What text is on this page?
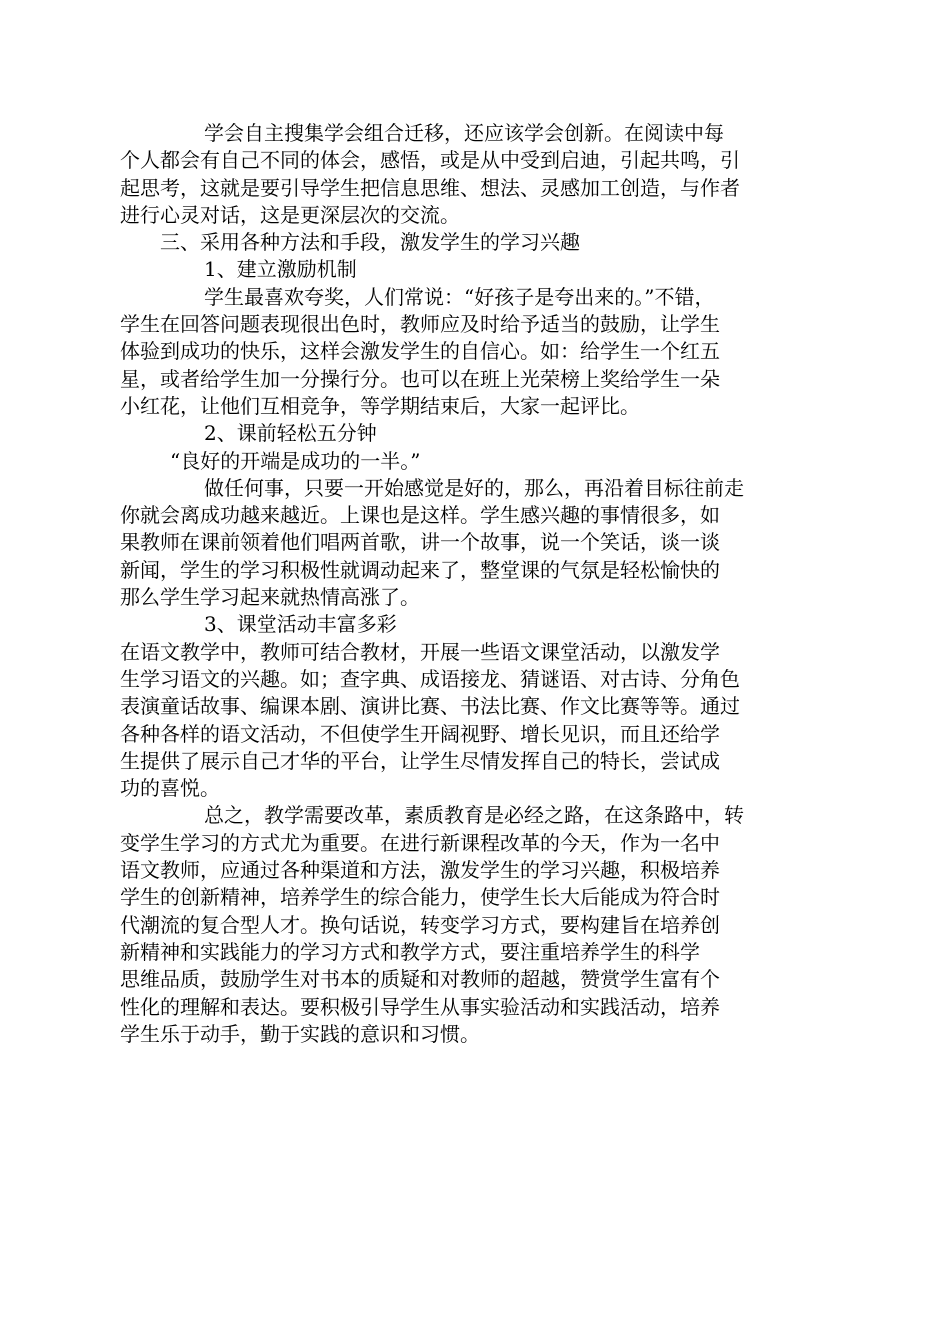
学会自主搜集学会组合迁移，还应该学会创新。在阅读中每
个人都会有自己不同的体会，感悟，或是从中受到启迪，引起共鸣，引
起思考，这就是要引导学生把信息思维、想法、灵感加工创造，与作者
进行心灵对话，这是更深层次的交流。
三、采用各种方法和手段，激发学生的学习兴趣
1、建立激励机制
学生最喜欢夸奖，人们常说：“好孩子是夸出来的。”不错，
学生在回答问题表现很出色时，教师应及时给予适当的鼓励，让学生
体验到成功的快乐，这样会激发学生的自信心。如：给学生一个红五
星，或者给学生加一分操行分。也可以在班上光荣榜上奖给学生一朵
小红花，让他们互相竞争，等学期结束后，大家一起评比。
2、课前轻松五分钟
“良好的开端是成功的一半。”
做任何事，只要一开始感觉是好的，那么，再沿着目标往前走
你就会离成功越来越近。上课也是这样。学生感兴趣的事情很多，如
果教师在课前领着他们唱两首歌，讲一个故事，说一个笑话，谈一谈
新闻，学生的学习积极性就调动起来了，整堂课的气氛是轻松愉快的
那么学生学习起来就热情高涨了。
3、课堂活动丰富多彩
在语文教学中，教师可结合教材，开展一些语文课堂活动，以激发学
生学习语文的兴趣。如；查字典、成语接龙、猜谜语、对古诗、分角色
表演童话故事、编课本剧、演讲比赛、书法比赛、作文比赛等等。通过
各种各样的语文活动，不但使学生开阔视野、增长见识，而且还给学
生提供了展示自己才华的平台，让学生尽情发挥自己的特长，尝试成
功的喜悦。
总之，教学需要改革，素质教育是必经之路，在这条路中，转
变学生学习的方式尤为重要。在进行新课程改革的今天，作为一名中
语文教师，应通过各种渠道和方法，激发学生的学习兴趣，积极培养
学生的创新精神，培养学生的综合能力，使学生长大后能成为符合时
代潮流的复合型人才。换句话说，转变学习方式，要构建旨在培养创
新精神和实践能力的学习方式和教学方式，要注重培养学生的科学
思维品质，鼓励学生对书本的质疑和对教师的超越，赞赏学生富有个
性化的理解和表达。要积极引导学生从事实验活动和实践活动，培养
学生乐于动手，勤于实践的意识和习惯。
